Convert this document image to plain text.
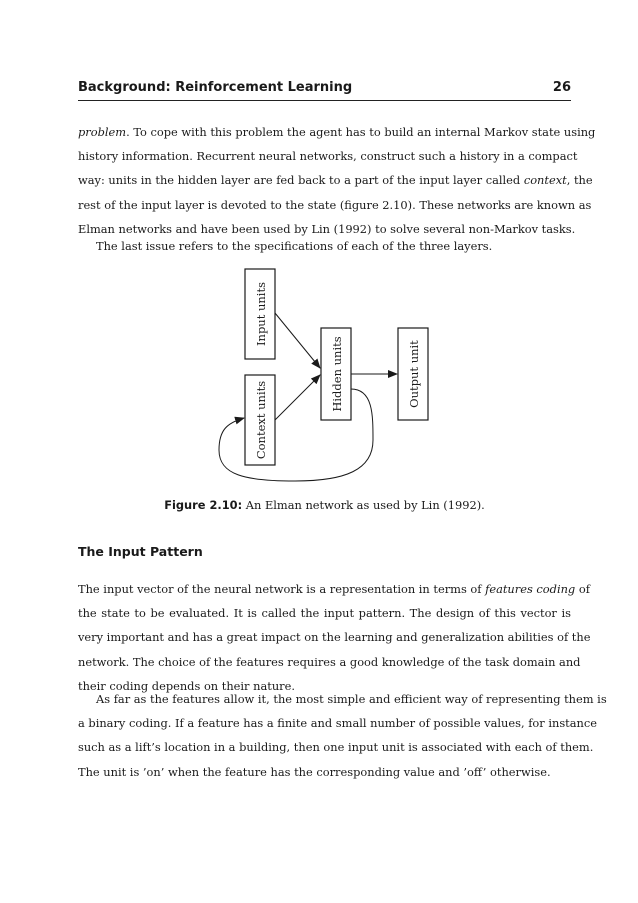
Background: Reinforcement Learning	26
problem. To cope with this problem the agent has to build an internal Markov state using
history information. Recurrent neural networks, construct such a history in a compact
way: units in the hidden layer are fed back to a part of the input layer called context, the
rest of the input layer is devoted to the state (figure 2.10). These networks are known as
Elman networks and have been used by Lin (1992) to solve several non-Markov tasks.
The last issue refers to the specifications of each of the three layers.
Input units
Context units
Hidden units	Output unit
Figure 2.10: An Elman network as used by Lin (1992).
The Input Pattern
The input vector of the neural network is a representation in terms of features coding of
the state to be evaluated. It is called the input pattern. The design of this vector is
very important and has a great impact on the learning and generalization abilities of the
network. The choice of the features requires a good knowledge of the task domain and
their coding depends on their nature.
As far as the features allow it, the most simple and efficient way of representing them is
a binary coding. If a feature has a finite and small number of possible values, for instance
such as a lift’s location in a building, then one input unit is associated with each of them.
The unit is ’on’ when the feature has the corresponding value and ’off’ otherwise.
